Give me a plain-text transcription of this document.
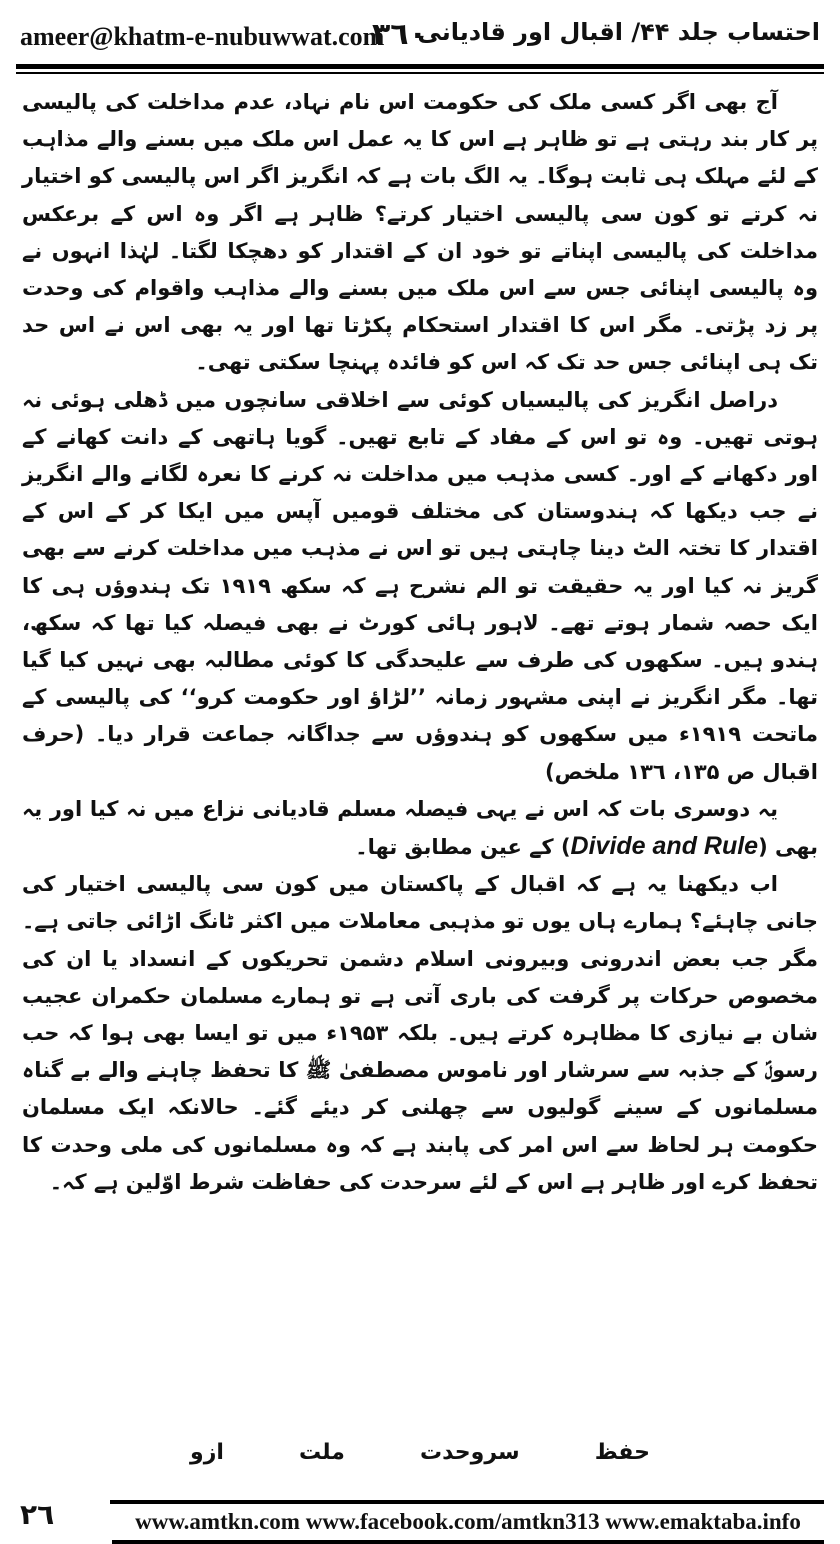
ameer@khatm-e-nubuwwat.com
۳٦٠
احتساب جلد ۴۴/ اقبال اور قادیانی

آج بھی اگر کسی ملک کی حکومت اس نام نہاد، عدم مداخلت کی پالیسی پر کار بند رہتی ہے تو ظاہر ہے اس کا یہ عمل اس ملک میں بسنے والے مذاہب کے لئے مہلک ہی ثابت ہوگا۔ یہ الگ بات ہے کہ انگریز اگر اس پالیسی کو اختیار نہ کرتے تو کون سی پالیسی اختیار کرتے؟ ظاہر ہے اگر وہ اس کے برعکس مداخلت کی پالیسی اپناتے تو خود ان کے اقتدار کو دھچکا لگتا۔ لہٰذا انہوں نے وہ پالیسی اپنائی جس سے اس ملک میں بسنے والے مذاہب واقوام کی وحدت پر زد پڑتی۔ مگر اس کا اقتدار استحکام پکڑتا تھا اور یہ بھی اس نے اس حد تک ہی اپنائی جس حد تک کہ اس کو فائدہ پہنچا سکتی تھی۔

دراصل انگریز کی پالیسیاں کوئی سے اخلاقی سانچوں میں ڈھلی ہوئی نہ ہوتی تھیں۔ وہ تو اس کے مفاد کے تابع تھیں۔ گویا ہاتھی کے دانت کھانے کے اور دکھانے کے اور۔ کسی مذہب میں مداخلت نہ کرنے کا نعرہ لگانے والے انگریز نے جب دیکھا کہ ہندوستان کی مختلف قومیں آپس میں ایکا کر کے اس کے اقتدار کا تختہ الٹ دینا چاہتی ہیں تو اس نے مذہب میں مداخلت کرنے سے بھی گریز نہ کیا اور یہ حقیقت تو الم نشرح ہے کہ سکھ ۱۹۱۹ تک ہندوؤں ہی کا ایک حصہ شمار ہوتے تھے۔ لاہور ہائی کورٹ نے بھی فیصلہ کیا تھا کہ سکھ، ہندو ہیں۔ سکھوں کی طرف سے علیحدگی کا کوئی مطالبہ بھی نہیں کیا گیا تھا۔ مگر انگریز نے اپنی مشہور زمانہ ’’لڑاؤ اور حکومت کرو‘‘ کی پالیسی کے ماتحت ۱۹۱۹ء میں سکھوں کو ہندوؤں سے جداگانہ جماعت قرار دیا۔ (حرف اقبال ص ۱۳۵، ۱۳٦ ملخص)

یہ دوسری بات کہ اس نے یہی فیصلہ مسلم قادیانی نزاع میں نہ کیا اور یہ بھی (Divide and Rule) کے عین مطابق تھا۔

اب دیکھنا یہ ہے کہ اقبال کے پاکستان میں کون سی پالیسی اختیار کی جانی چاہئے؟ ہمارے ہاں یوں تو مذہبی معاملات میں اکثر ٹانگ اڑائی جاتی ہے۔ مگر جب بعض اندرونی وبیرونی اسلام دشمن تحریکوں کے انسداد یا ان کی مخصوص حرکات پر گرفت کی باری آتی ہے تو ہمارے مسلمان حکمران عجیب شان بے نیازی کا مظاہرہ کرتے ہیں۔ بلکہ ۱۹۵۳ء میں تو ایسا بھی ہوا کہ حب رسولؐ کے جذبہ سے سرشار اور ناموس مصطفیٰ ﷺ کا تحفظ چاہنے والے بے گناہ مسلمانوں کے سینے گولیوں سے چھلنی کر دیئے گئے۔ حالانکہ ایک مسلمان حکومت ہر لحاظ سے اس امر کی پابند ہے کہ وہ مسلمانوں کی ملی وحدت کا تحفظ کرے اور ظاہر ہے اس کے لئے سرحدت کی حفاظت شرط اوّلین ہے کہ۔

حفظ
سروحدت
ملت
ازو
۲٦	www.amtkn.com www.facebook.com/amtkn313 www.emaktaba.info
